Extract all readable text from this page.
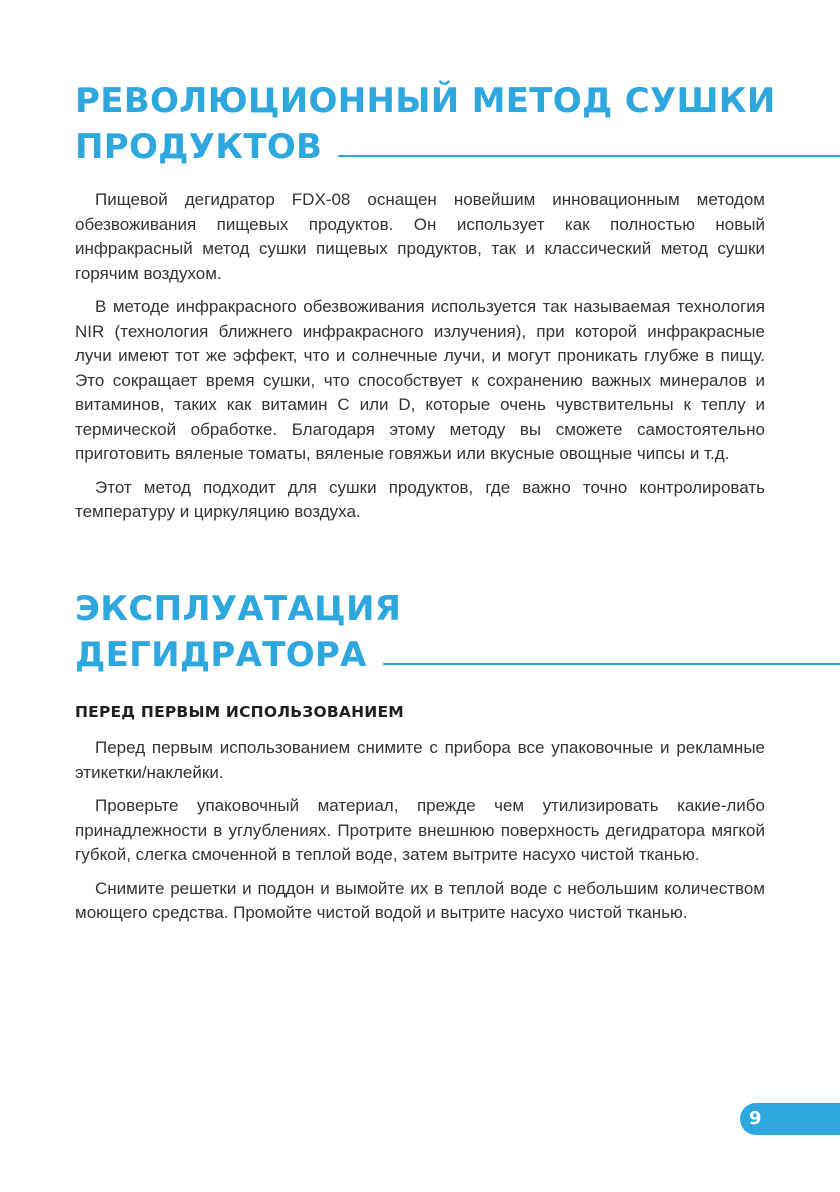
РЕВОЛЮЦИОННЫЙ МЕТОД СУШКИ
ПРОДУКТОВ

Пищевой дегидратор FDX-08 оснащен новейшим инновационным методом обезвоживания пищевых продуктов. Он использует как полностью новый инфракрасный метод сушки пищевых продуктов, так и классический метод сушки горячим воздухом.

В методе инфракрасного обезвоживания используется так называемая технология NIR (технология ближнего инфракрасного излучения), при которой инфракрасные лучи имеют тот же эффект, что и солнечные лучи, и могут проникать глубже в пищу. Это сокращает время сушки, что способствует к сохранению важных минералов и витаминов, таких как витамин C или D, которые очень чувствительны к теплу и термической обработке. Благодаря этому методу вы сможете самостоятельно приготовить вяленые томаты, вяленые говяжьи или вкусные овощные чипсы и т.д.

Этот метод подходит для сушки продуктов, где важно точно контролировать температуру и циркуляцию воздуха.

ЭКСПЛУАТАЦИЯ
ДЕГИДРАТОРА
ПЕРЕД ПЕРВЫМ ИСПОЛЬЗОВАНИЕМ

Перед первым использованием снимите с прибора все упаковочные и рекламные этикетки/наклейки.

Проверьте упаковочный материал, прежде чем утилизировать какие-либо принадлежности в углублениях. Протрите внешнюю поверхность дегидратора мягкой губкой, слегка смоченной в теплой воде, затем вытрите насухо чистой тканью.

Снимите решетки и поддон и вымойте их в теплой воде с небольшим количеством моющего средства. Промойте чистой водой и вытрите насухо чистой тканью.

9
